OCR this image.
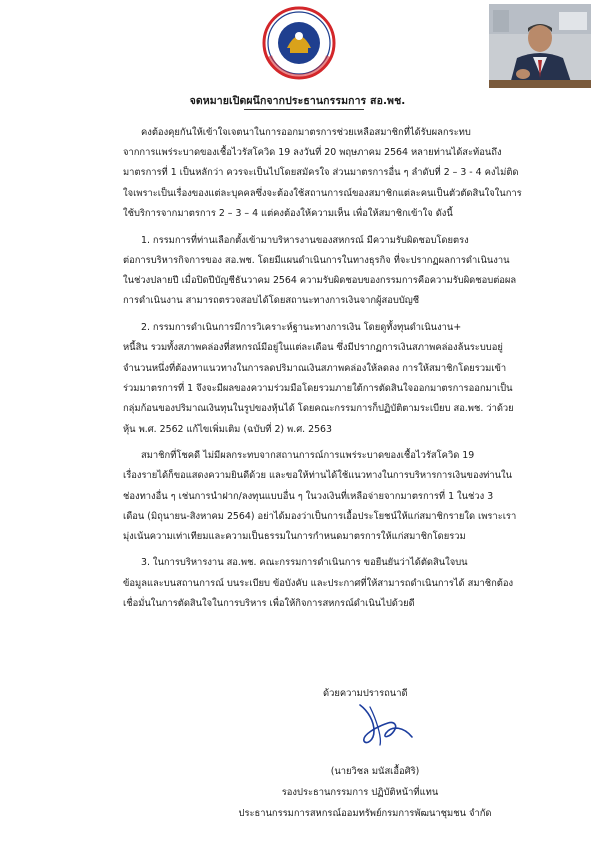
จดหมายเปิดผนึกจากประธานกรรมการ สอ.พช.
คงต้องคุยกันให้เข้าใจเจตนาในการออกมาตรการช่วยเหลือสมาชิกที่ได้รับผลกระทบ
จากการแพร่ระบาดของเชื้อไวรัสโควิด 19 ลงวันที่ 20 พฤษภาคม 2564 หลายท่านได้สะท้อนถึง
มาตรการที่ 1 เป็นหลักว่า ควรจะเป็นไปโดยสมัครใจ ส่วนมาตรการอื่น ๆ ลำดับที่ 2 – 3 - 4 คงไม่ติด
ใจเพราะเป็นเรื่องของแต่ละบุคคลซึ่งจะต้องใช้สถานการณ์ของสมาชิกแต่ละคนเป็นตัวตัดสินใจในการ
ใช้บริการจากมาตรการ 2 – 3 – 4 แต่คงต้องให้ความเห็น เพื่อให้สมาชิกเข้าใจ ดังนี้
1. กรรมการที่ท่านเลือกตั้งเข้ามาบริหารงานของสหกรณ์ มีความรับผิดชอบโดยตรง
ต่อการบริหารกิจการของ สอ.พช. โดยมีแผนดำเนินการในทางธุรกิจ ที่จะปรากฏผลการดำเนินงาน
ในช่วงปลายปี เมื่อปิดปีบัญชีธันวาคม 2564 ความรับผิดชอบของกรรมการคือความรับผิดชอบต่อผล
การดำเนินงาน สามารถตรวจสอบได้โดยสถานะทางการเงินจากผู้สอบบัญชี
2. กรรมการดำเนินการมีการวิเคราะห์ฐานะทางการเงิน โดยดูทั้งทุนดำเนินงาน+
หนี้สิน รวมทั้งสภาพคล่องที่สหกรณ์มีอยู่ในแต่ละเดือน ซึ่งมีปรากฏการเงินสภาพคล่องล้นระบบอยู่
จำนวนหนึ่งที่ต้องหาแนวทางในการลดปริมาณเงินสภาพคล่องให้ลดลง การให้สมาชิกโดยรวมเข้า
ร่วมมาตรการที่ 1 จึงจะมีผลของความร่วมมือโดยรวมภายใต้การตัดสินใจออกมาตรการออกมาเป็น
กลุ่มก้อนของปริมาณเงินทุนในรูปของหุ้นได้ โดยคณะกรรมการก็ปฏิบัติตามระเบียบ สอ.พช. ว่าด้วย
หุ้น พ.ศ. 2562 แก้ไขเพิ่มเติม (ฉบับที่ 2) พ.ศ. 2563
สมาชิกที่โชคดี ไม่มีผลกระทบจากสถานการณ์การแพร่ระบาดของเชื้อไวรัสโควิด 19
เรื่องรายได้ก็ขอแสดงความยินดีด้วย และขอให้ท่านได้ใช้แนวทางในการบริหารการเงินของท่านใน
ช่องทางอื่น ๆ เช่นการนำฝาก/ลงทุนแบบอื่น ๆ ในวงเงินที่เหลือจ่ายจากมาตรการที่ 1 ในช่วง 3
เดือน (มิถุนายน-สิงหาคม 2564) อย่าได้มองว่าเป็นการเอื้อประโยชน์ให้แก่สมาชิกรายใด เพราะเรา
มุ่งเน้นความเท่าเทียมและความเป็นธรรมในการกำหนดมาตรการให้แก่สมาชิกโดยรวม
3. ในการบริหารงาน สอ.พช. คณะกรรมการดำเนินการ ขอยืนยันว่าได้ตัดสินใจบน
ข้อมูลและบนสถานการณ์ บนระเบียบ ข้อบังคับ และประกาศที่ให้สามารถดำเนินการได้ สมาชิกต้อง
เชื่อมั่นในการตัดสินใจในการบริหาร เพื่อให้กิจการสหกรณ์ดำเนินไปด้วยดี
ด้วยความปรารถนาดี
(นายวิชล มนัสเอื้อศิริ)
รองประธานกรรมการ ปฏิบัติหน้าที่แทน
ประธานกรรมการสหกรณ์ออมทรัพย์กรมการพัฒนาชุมชน จำกัด
